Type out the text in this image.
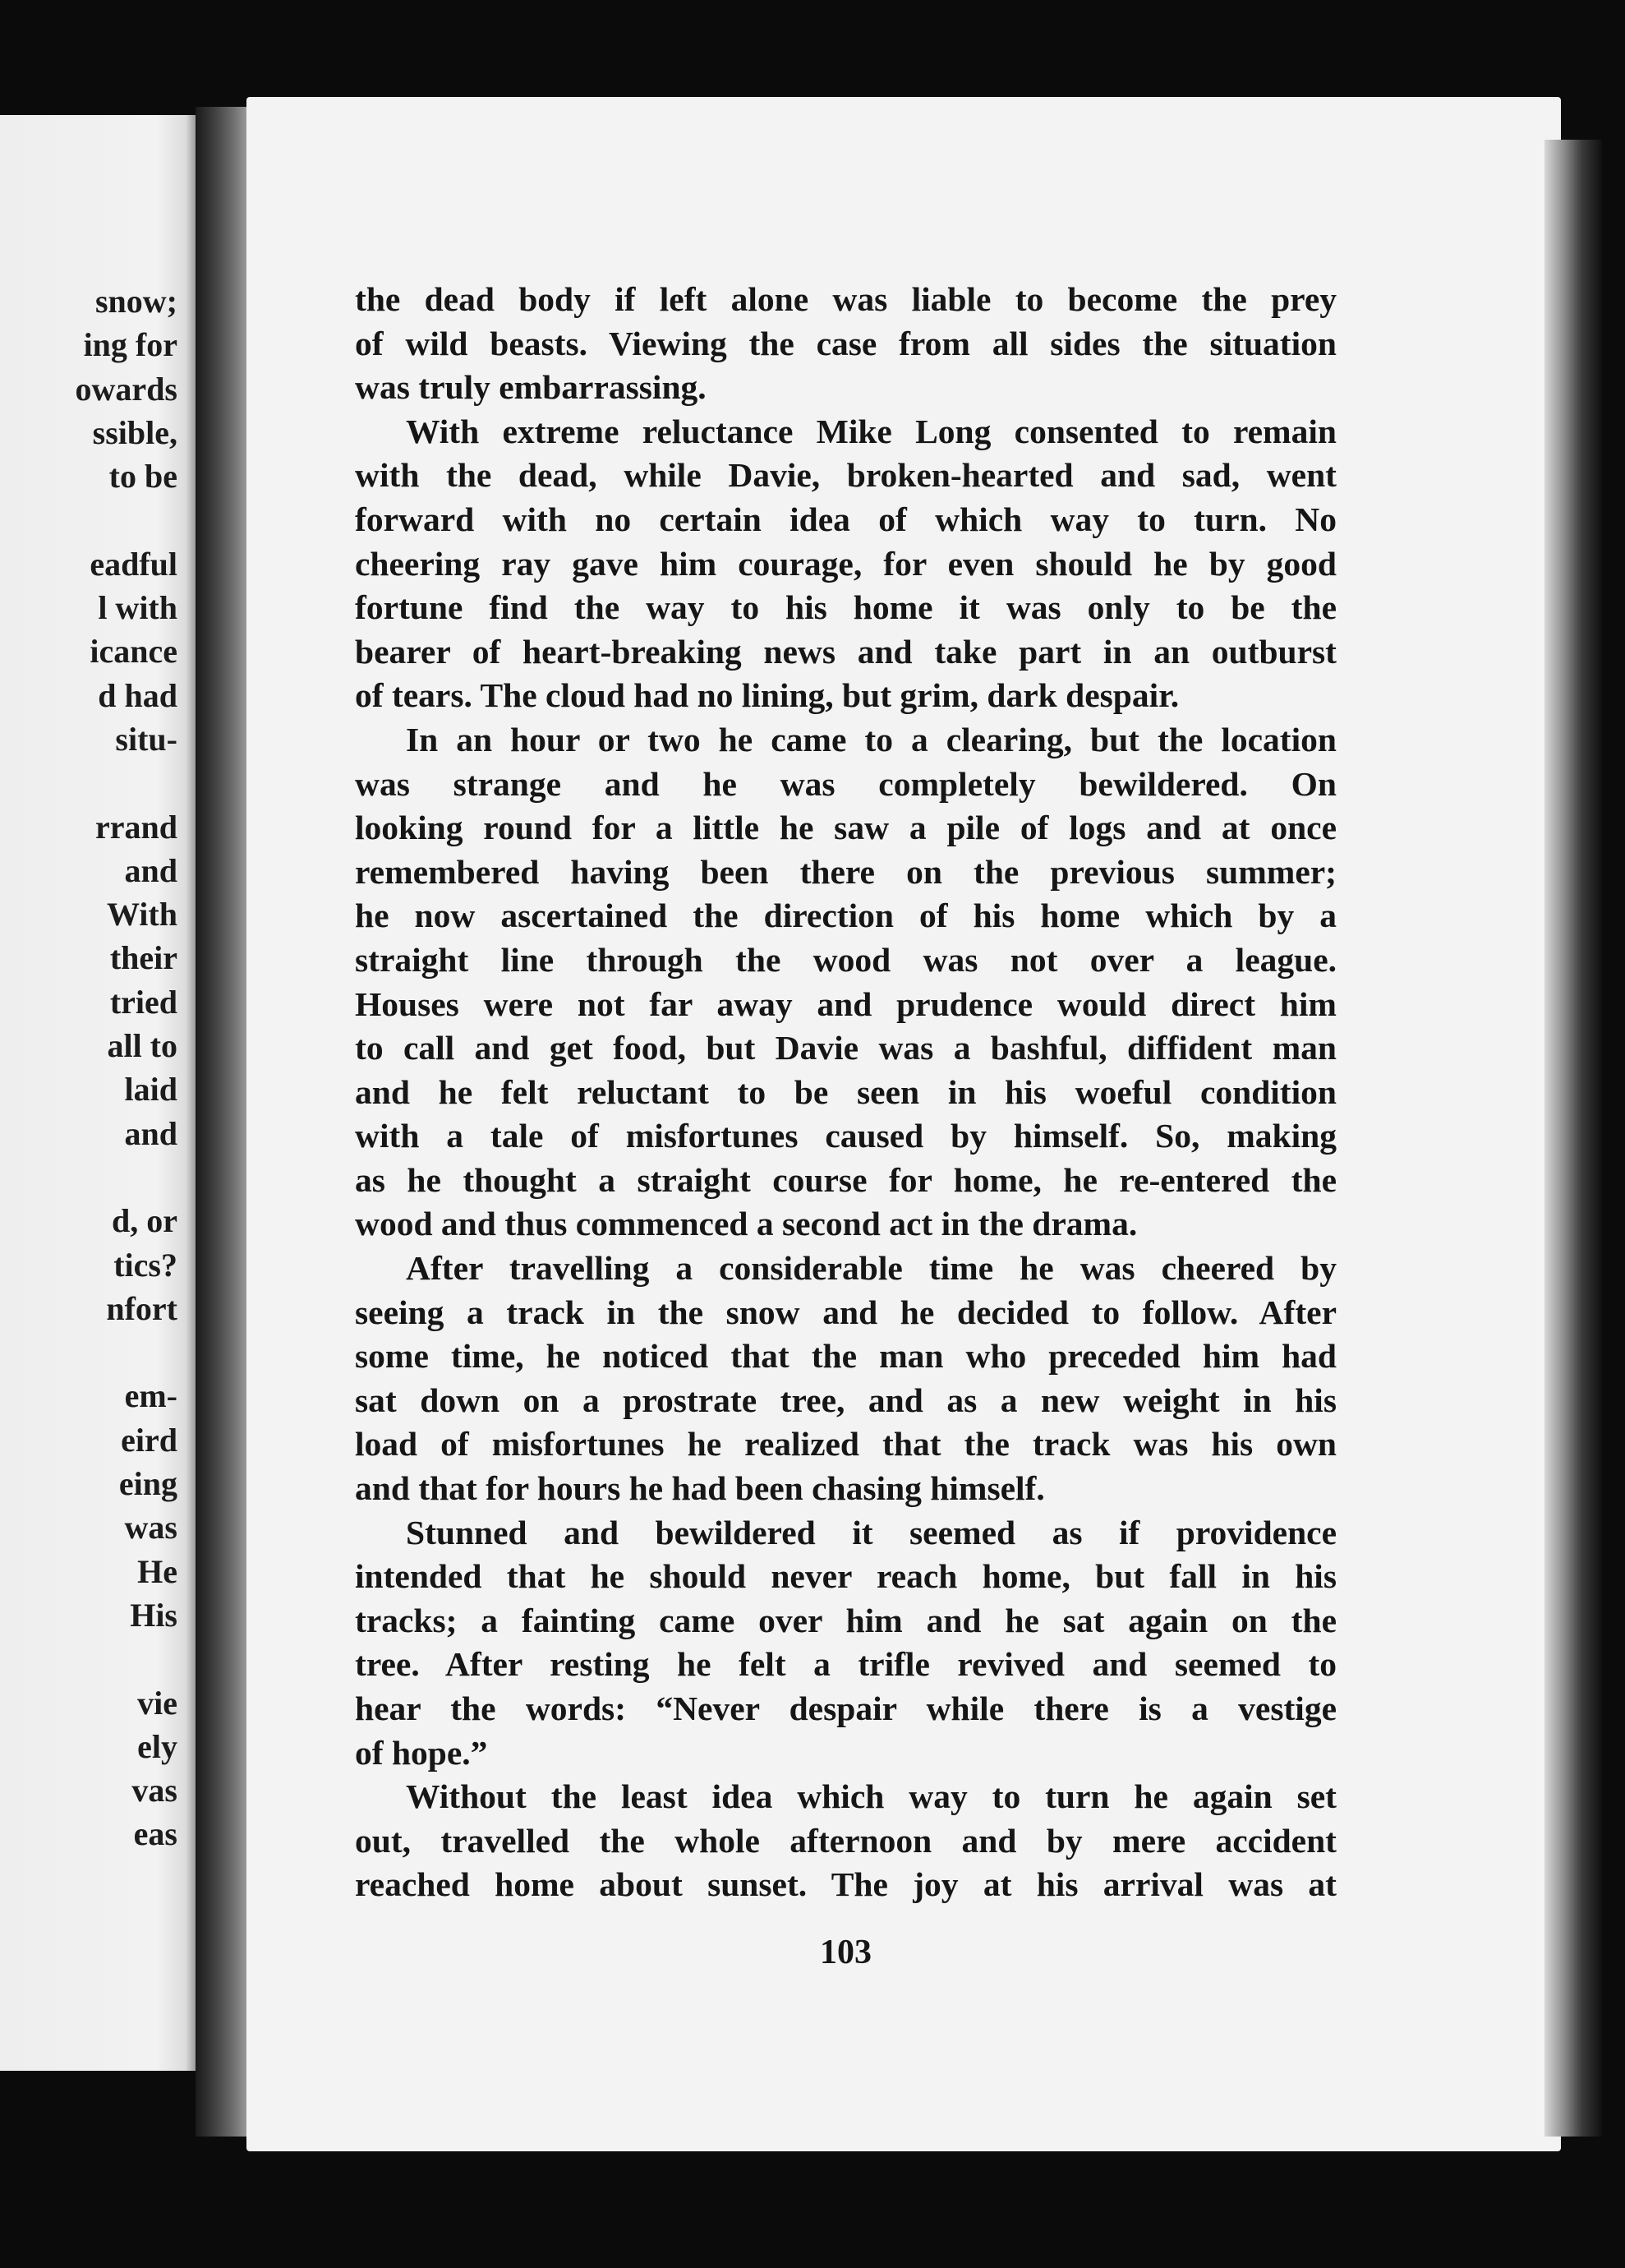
snow;
ing for
owards
ssible,
to be
eadful
l with
icance
d had
situ-
rrand
and
With
their
tried
all to
laid
and
d, or
tics?
nfort
em-
eird
eing
was
He
His
vie
ely
vas
eas
the dead body if left alone was liable to become the prey
of wild beasts. Viewing the case from all sides the situation
was truly embarrassing.
With extreme reluctance Mike Long consented to remain
with the dead, while Davie, broken-hearted and sad, went
forward with no certain idea of which way to turn. No
cheering ray gave him courage, for even should he by good
fortune find the way to his home it was only to be the
bearer of heart-breaking news and take part in an outburst
of tears. The cloud had no lining, but grim, dark despair.
In an hour or two he came to a clearing, but the location
was strange and he was completely bewildered. On
looking round for a little he saw a pile of logs and at once
remembered having been there on the previous summer;
he now ascertained the direction of his home which by a
straight line through the wood was not over a league.
Houses were not far away and prudence would direct him
to call and get food, but Davie was a bashful, diffident man
and he felt reluctant to be seen in his woeful condition
with a tale of misfortunes caused by himself. So, making
as he thought a straight course for home, he re-entered the
wood and thus commenced a second act in the drama.
After travelling a considerable time he was cheered by
seeing a track in the snow and he decided to follow. After
some time, he noticed that the man who preceded him had
sat down on a prostrate tree, and as a new weight in his
load of misfortunes he realized that the track was his own
and that for hours he had been chasing himself.
Stunned and bewildered it seemed as if providence
intended that he should never reach home, but fall in his
tracks; a fainting came over him and he sat again on the
tree. After resting he felt a trifle revived and seemed to
hear the words: “Never despair while there is a vestige
of hope.”
Without the least idea which way to turn he again set
out, travelled the whole afternoon and by mere accident
reached home about sunset. The joy at his arrival was at
103
